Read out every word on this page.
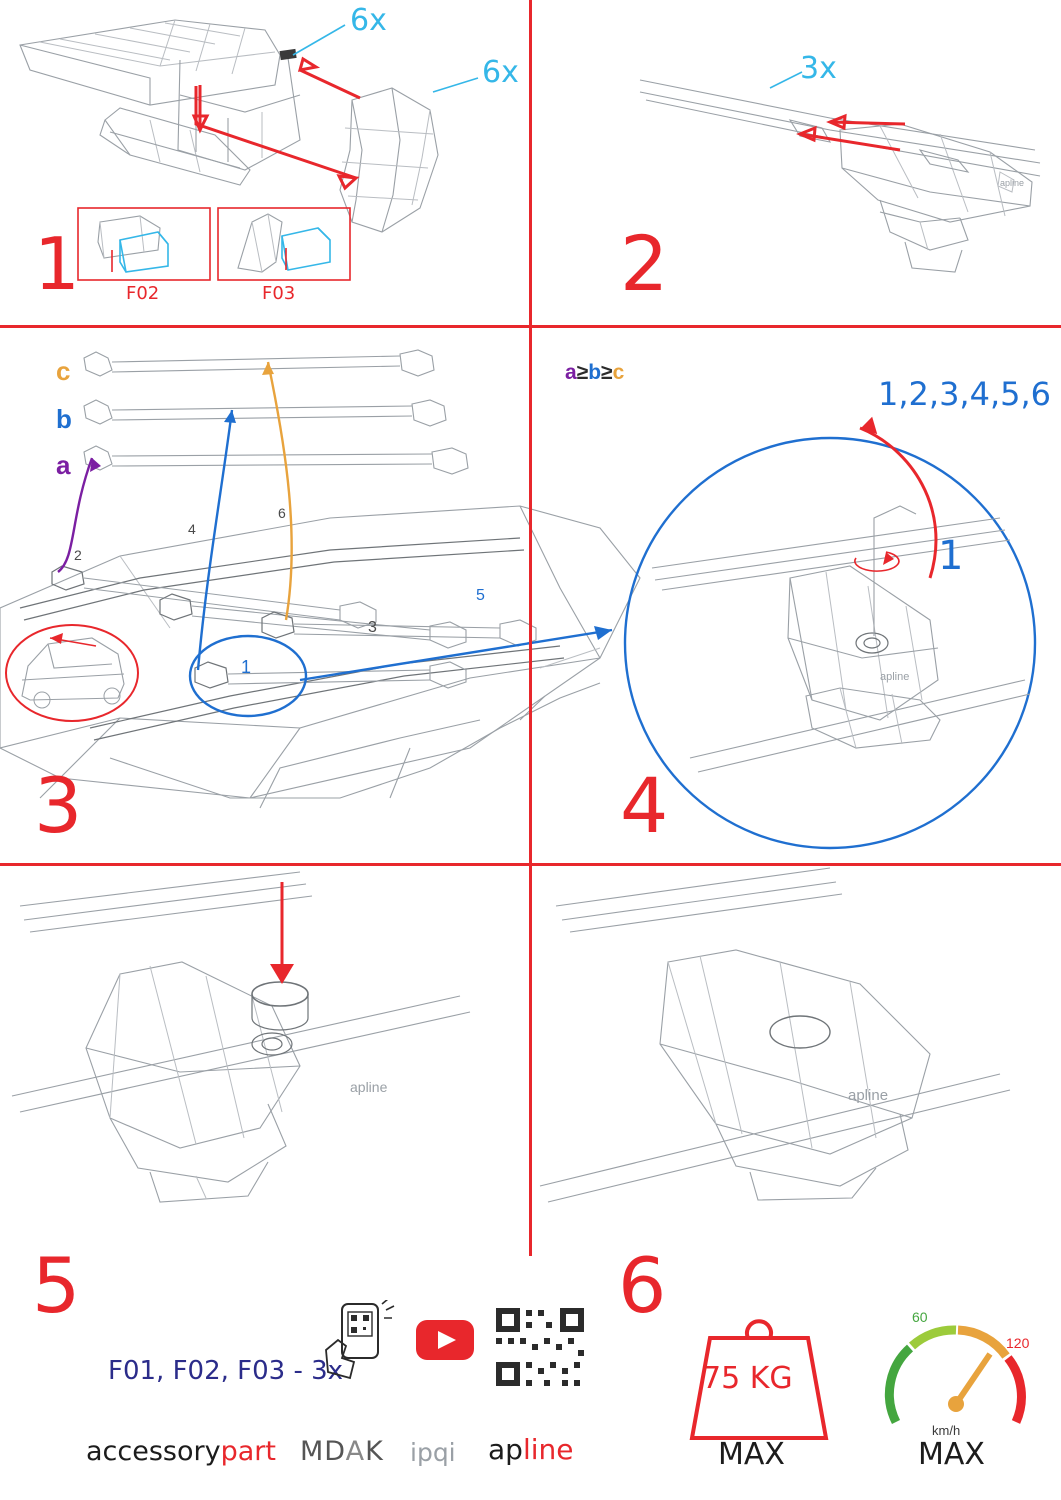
apline
6x
6x	3x
F02	F03
1	2
apline
c
b
a
a≥b≥c
2
4
6
5
3
1
1,2,3,4,5,6
1
3	4
apline	apline
5	6
F01, F02, F03 - 3x
accessorypart MDAK ipqi apline
60
120
75 KG
km/h
MAX	MAX
